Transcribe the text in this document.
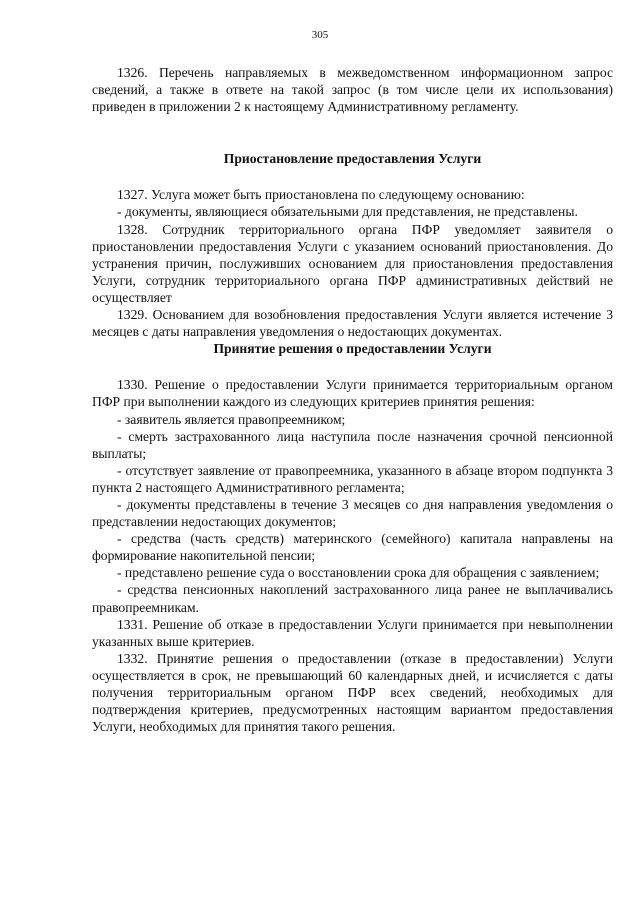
305

1326. Перечень направляемых в межведомственном информационном запрос сведений, а также в ответе на такой запрос (в том числе цели их использования) приведен в приложении 2 к настоящему Административному регламенту.

Приостановление предоставления Услуги

1327. Услуга может быть приостановлена по следующему основанию:

- документы, являющиеся обязательными для представления, не представлены.

1328. Сотрудник территориального органа ПФР уведомляет заявителя о приостановлении предоставления Услуги с указанием оснований приостановления. До устранения причин, послуживших основанием для приостановления предоставления Услуги, сотрудник территориального органа ПФР административных действий не осуществляет

1329. Основанием для возобновления предоставления Услуги является истечение 3 месяцев с даты направления уведомления о недостающих документах.

Принятие решения о предоставлении Услуги

1330. Решение о предоставлении Услуги принимается территориальным органом ПФР при выполнении каждого из следующих критериев принятия решения:

- заявитель является правопреемником;

- смерть застрахованного лица наступила после назначения срочной пенсионной выплаты;

- отсутствует заявление от правопреемника, указанного в абзаце втором подпункта 3 пункта 2 настоящего Административного регламента;

- документы представлены в течение 3 месяцев со дня направления уведомления о представлении недостающих документов;

- средства (часть средств) материнского (семейного) капитала направлены на формирование накопительной пенсии;

- представлено решение суда о восстановлении срока для обращения с заявлением;

- средства пенсионных накоплений застрахованного лица ранее не выплачивались правопреемникам.

1331. Решение об отказе в предоставлении Услуги принимается при невыполнении указанных выше критериев.

1332. Принятие решения о предоставлении (отказе в предоставлении) Услуги осуществляется в срок, не превышающий 60 календарных дней, и исчисляется с даты получения территориальным органом ПФР всех сведений, необходимых для подтверждения критериев, предусмотренных настоящим вариантом предоставления Услуги, необходимых для принятия такого решения.
